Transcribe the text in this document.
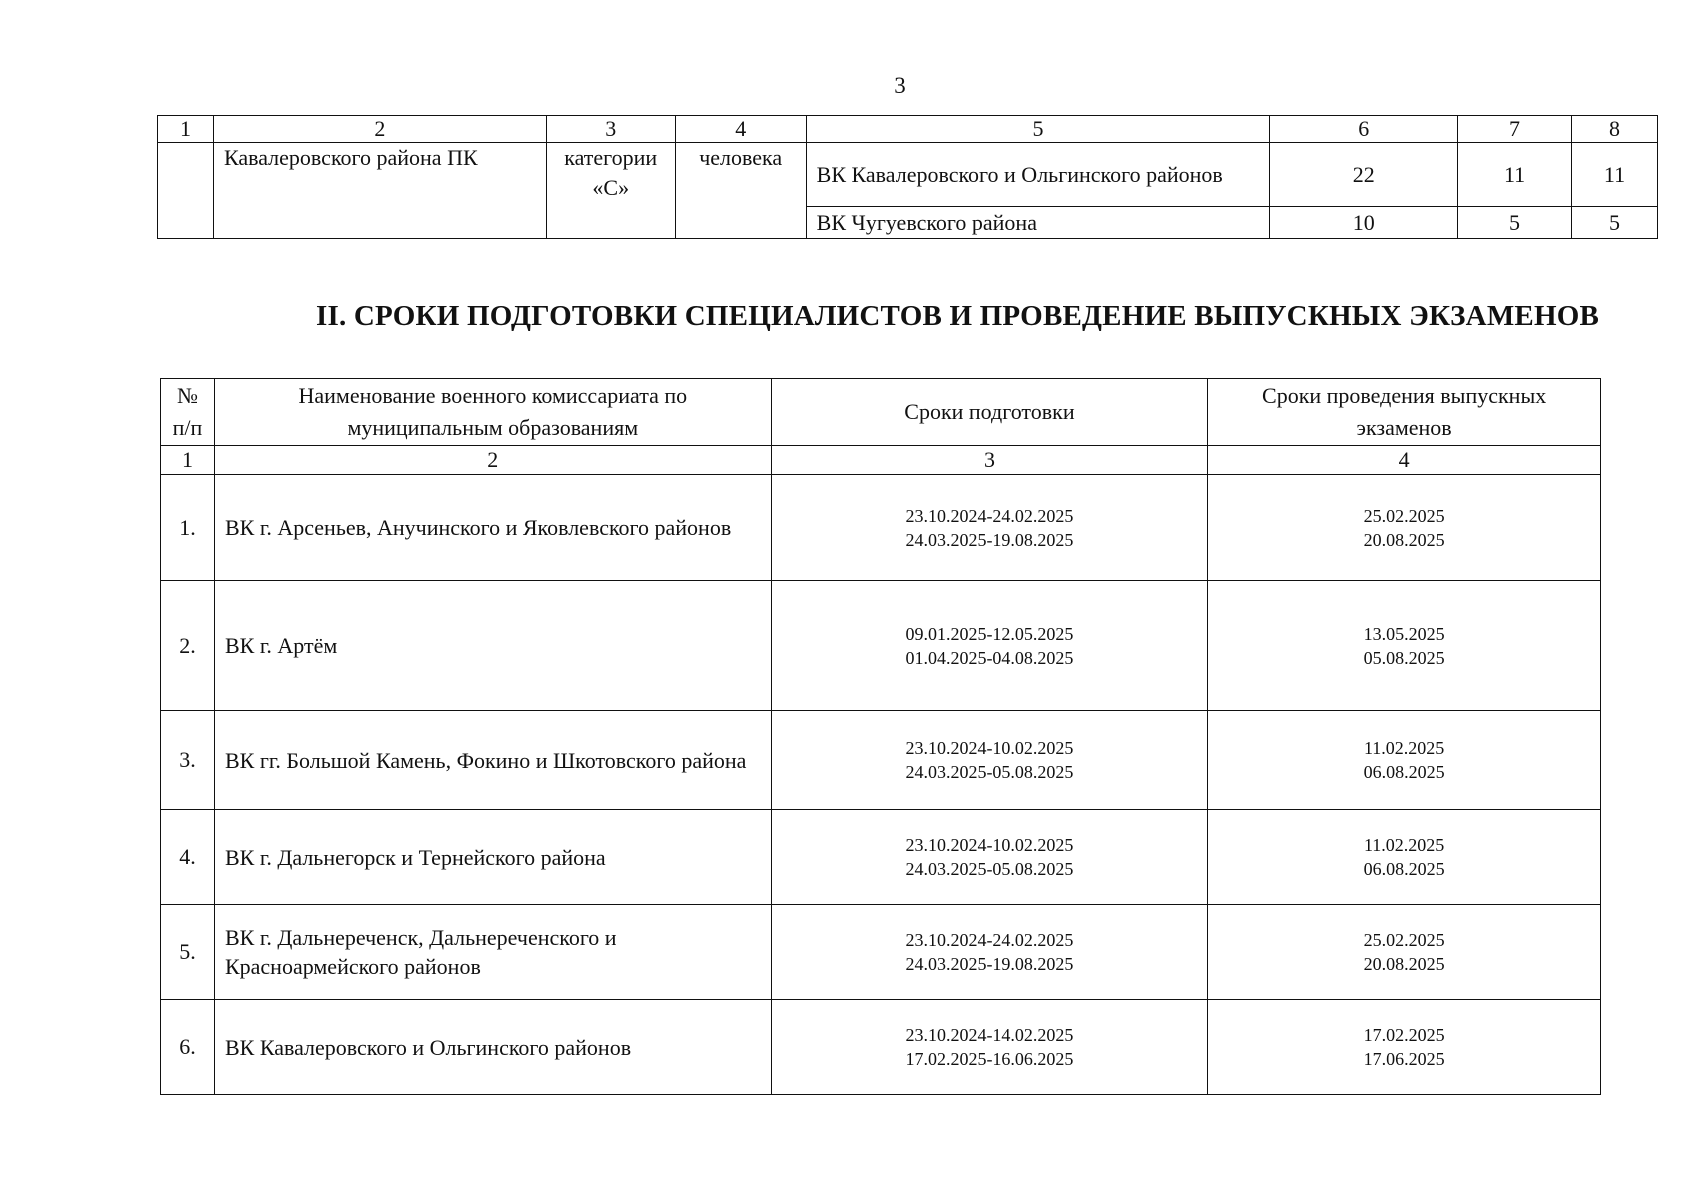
3
1	2	3	4	5	6	7	8
	Кавалеровского района ПК	категории
«С»	человека	ВК Кавалеровского и Ольгинского районов	22	11	11
				ВК Чугуевского района	10	5	5
II. СРОКИ ПОДГОТОВКИ СПЕЦИАЛИСТОВ И ПРОВЕДЕНИЕ ВЫПУСКНЫХ ЭКЗАМЕНОВ
№
п/п	Наименование военного комиссариата по муниципальным образованиям	Сроки подготовки	Сроки проведения выпускных экзаменов
1	2	3	4
1.	ВК г. Арсеньев, Анучинского и Яковлевского районов	23.10.2024-24.02.2025
24.03.2025-19.08.2025	25.02.2025
20.08.2025

2.	ВК г. Артём	09.01.2025-12.05.2025
01.04.2025-04.08.2025	13.05.2025
05.08.2025

3.	ВК гг. Большой Камень, Фокино и Шкотовского района	23.10.2024-10.02.2025
24.03.2025-05.08.2025	11.02.2025
06.08.2025

4.	ВК г. Дальнегорск и Тернейского района	23.10.2024-10.02.2025
24.03.2025-05.08.2025	11.02.2025
06.08.2025

5.	ВК г. Дальнереченск, Дальнереченского и Красноармейского районов	23.10.2024-24.02.2025
24.03.2025-19.08.2025	25.02.2025
20.08.2025

6.	ВК Кавалеровского и Ольгинского районов	23.10.2024-14.02.2025
17.02.2025-16.06.2025	17.02.2025
17.06.2025
